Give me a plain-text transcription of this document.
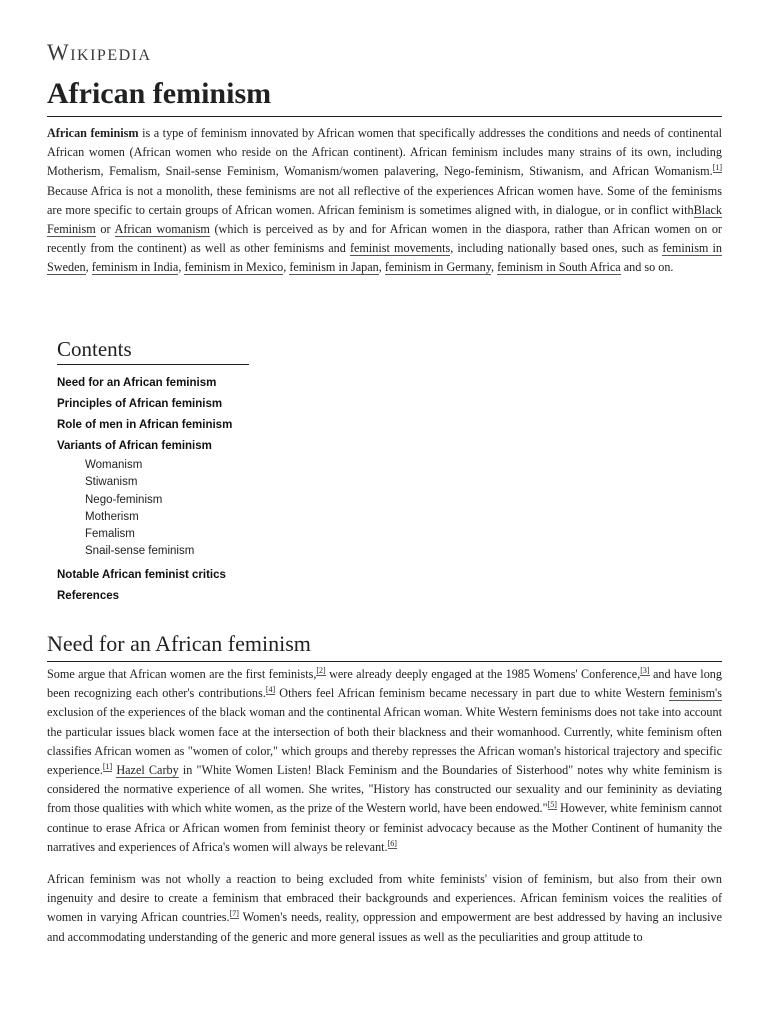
Wikipedia
African feminism

African feminism is a type of feminism innovated by African women that specifically addresses the conditions and needs of continental African women (African women who reside on the African continent). African feminism includes many strains of its own, including Motherism, Femalism, Snail-sense Feminism, Womanism/women palavering, Nego-feminism, Stiwanism, and African Womanism.[1] Because Africa is not a monolith, these feminisms are not all reflective of the experiences African women have. Some of the feminisms are more specific to certain groups of African women. African feminism is sometimes aligned with, in dialogue, or in conflict withBlack Feminism or African womanism (which is perceived as by and for African women in the diaspora, rather than African women on or recently from the continent) as well as other feminisms and feminist movements, including nationally based ones, such as feminism in Sweden, feminism in India, feminism in Mexico, feminism in Japan, feminism in Germany, feminism in South Africa and so on.

Contents
Need for an African feminism
Principles of African feminism
Role of men in African feminism
Variants of African feminism
Womanism
Stiwanism
Nego-feminism
Motherism
Femalism
Snail-sense feminism
Notable African feminist critics
References
Need for an African feminism

Some argue that African women are the first feminists,[2] were already deeply engaged at the 1985 Womens' Conference,[3] and have long been recognizing each other's contributions.[4] Others feel African feminism became necessary in part due to white Western feminism's exclusion of the experiences of the black woman and the continental African woman. White Western feminisms does not take into account the particular issues black women face at the intersection of both their blackness and their womanhood. Currently, white feminism often classifies African women as "women of color," which groups and thereby represses the African woman's historical trajectory and specific experience.[1] Hazel Carby in "White Women Listen! Black Feminism and the Boundaries of Sisterhood" notes why white feminism is considered the normative experience of all women. She writes, "History has constructed our sexuality and our femininity as deviating from those qualities with which white women, as the prize of the Western world, have been endowed."[5] However, white feminism cannot continue to erase Africa or African women from feminist theory or feminist advocacy because as the Mother Continent of humanity the narratives and experiences of Africa's women will always be relevant.[6]

African feminism was not wholly a reaction to being excluded from white feminists' vision of feminism, but also from their own ingenuity and desire to create a feminism that embraced their backgrounds and experiences. African feminism voices the realities of women in varying African countries.[7] Women's needs, reality, oppression and empowerment are best addressed by having an inclusive and accommodating understanding of the generic and more general issues as well as the peculiarities and group attitude to
